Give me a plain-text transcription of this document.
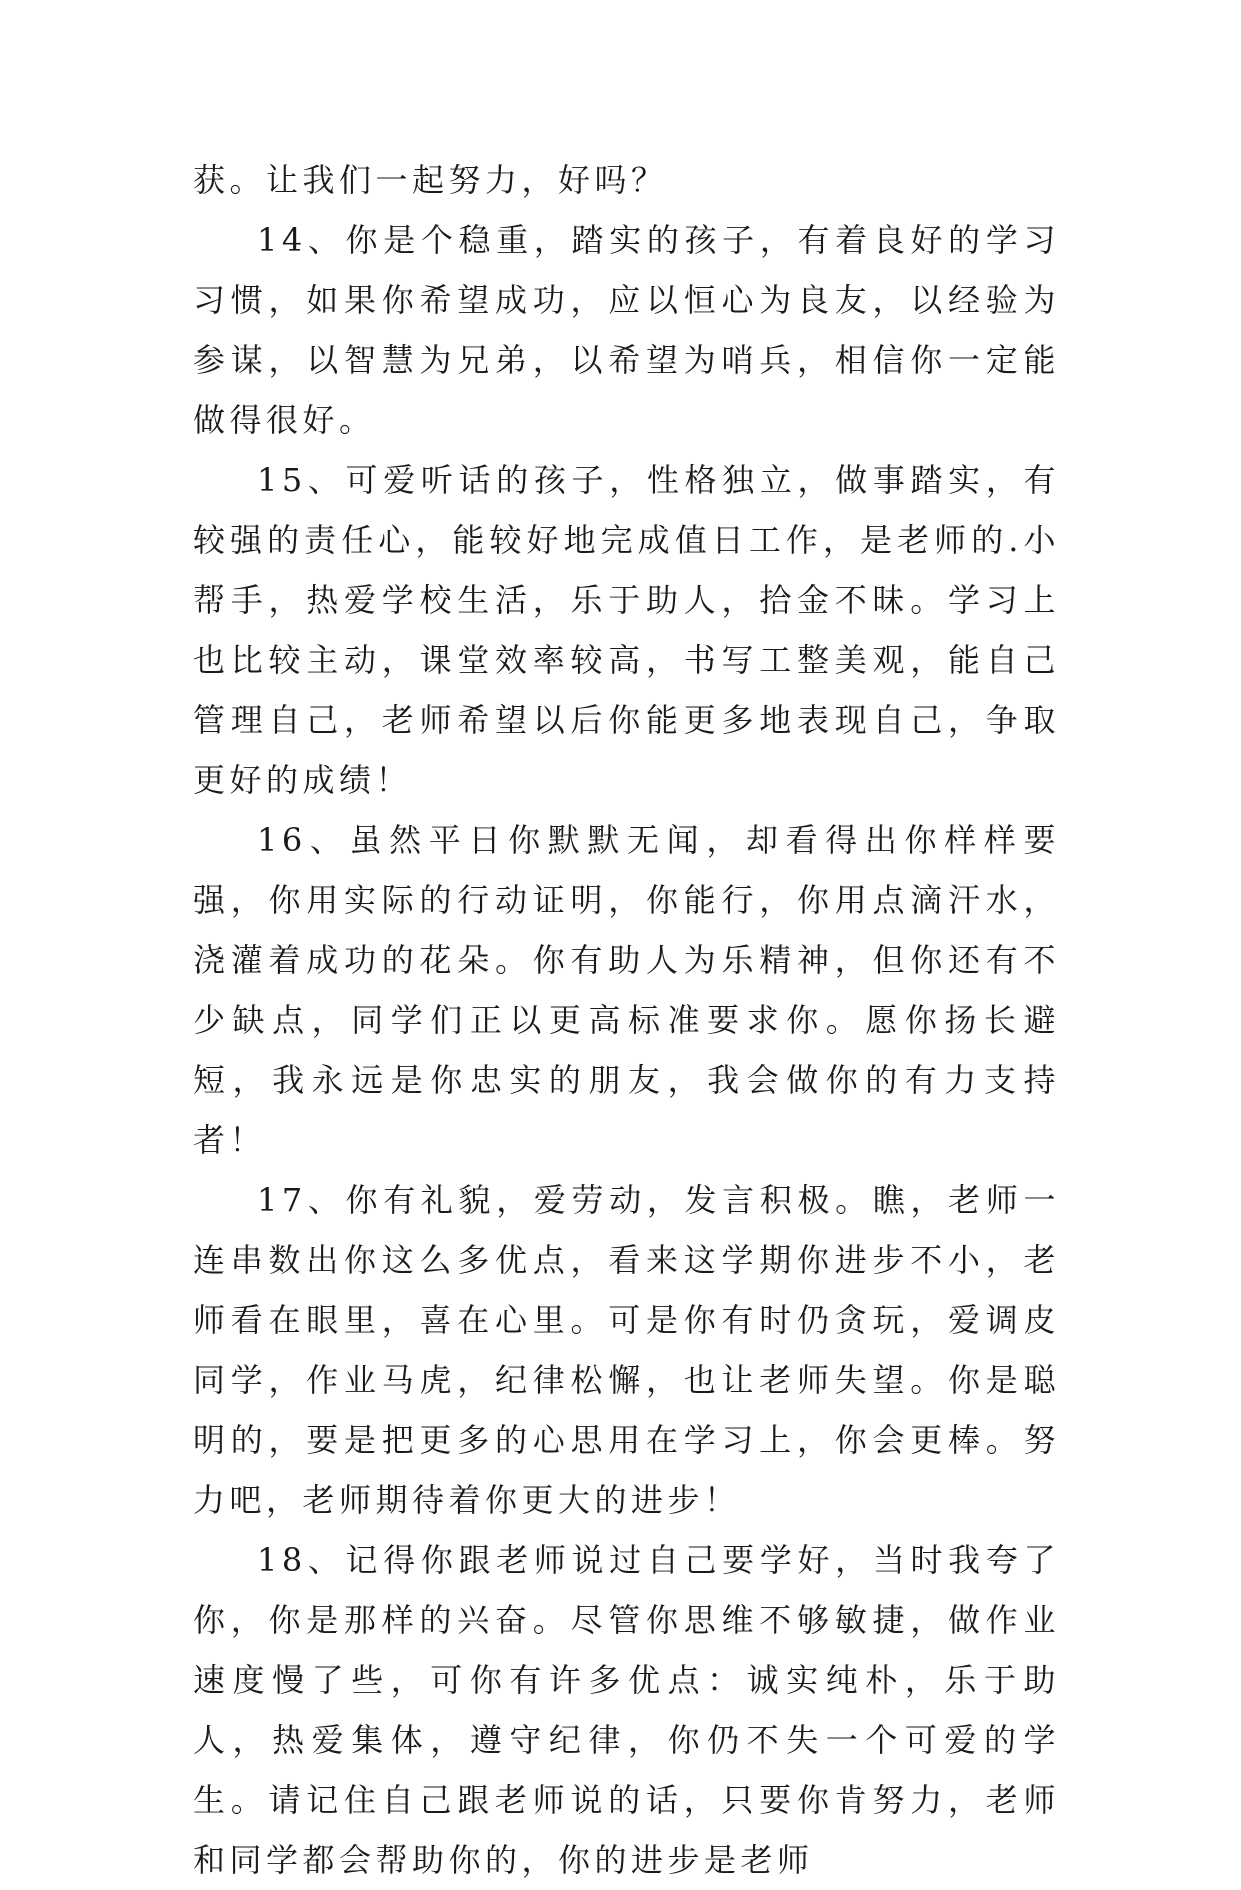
获。让我们一起努力，好吗？

14、你是个稳重，踏实的孩子，有着良好的学习习惯，如果你希望成功，应以恒心为良友，以经验为参谋，以智慧为兄弟，以希望为哨兵，相信你一定能做得很好。

15、可爱听话的孩子，性格独立，做事踏实，有较强的责任心，能较好地完成值日工作，是老师的.小帮手，热爱学校生活，乐于助人，拾金不昧。学习上也比较主动，课堂效率较高，书写工整美观，能自己管理自己，老师希望以后你能更多地表现自己，争取更好的成绩！

16、虽然平日你默默无闻，却看得出你样样要强，你用实际的行动证明，你能行，你用点滴汗水，浇灌着成功的花朵。你有助人为乐精神，但你还有不少缺点，同学们正以更高标准要求你。愿你扬长避短，我永远是你忠实的朋友，我会做你的有力支持者！

17、你有礼貌，爱劳动，发言积极。瞧，老师一连串数出你这么多优点，看来这学期你进步不小，老师看在眼里，喜在心里。可是你有时仍贪玩，爱调皮同学，作业马虎，纪律松懈，也让老师失望。你是聪明的，要是把更多的心思用在学习上，你会更棒。努力吧，老师期待着你更大的进步！

18、记得你跟老师说过自己要学好，当时我夸了你，你是那样的兴奋。尽管你思维不够敏捷，做作业速度慢了些，可你有许多优点：诚实纯朴，乐于助人，热爱集体，遵守纪律，你仍不失一个可爱的学生。请记住自己跟老师说的话，只要你肯努力，老师和同学都会帮助你的，你的进步是老师
